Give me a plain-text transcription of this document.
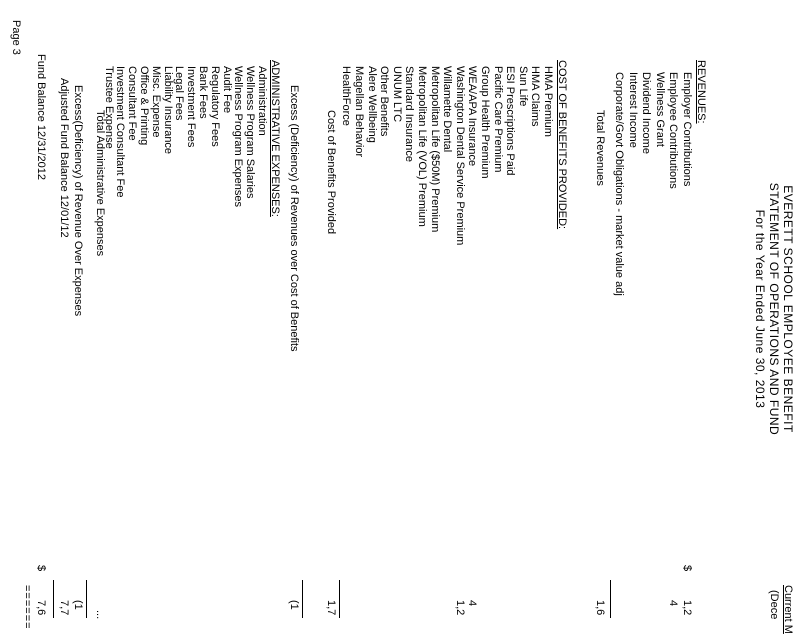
EVERETT SCHOOL EMPLOYEE BENEFIT
STATEMENT OF OPERATIONS AND FUND
For the Year Ended June 30, 2013
Current M
(Dece
REVENUES:
Employer Contributions
1,2
Employee Contributions
4
Wellness Grant
Dividend Income
Interest Income
Corporate/Govt Obligations - market value adj
$
Total Revenues
1,6
COST OF BENEFITS PROVIDED:
HMA Premium
HMA Claims
Sun Life
ESI Prescriptions Paid
Pacific Care Premium
Group Health Premium
WEA/APA Insurance
4
Washington Dental Service Premium
1,2
Willamette Dental
Metropolitan Life ($50M) Premium
Metropolitan Life (VOL) Premium
Standard Insurance
UNUM LTC
Other Benefits
Alere Wellbeing
Magellan Behavior
HealthForce
Cost of Benefits Provided
1,7
Excess (Deficiency) of Revenues over Cost of Benefits
(1
ADMINISTRATIVE EXPENSES:
Administration
Wellness Program Salaries
Wellness Program Expenses
Audit Fee
Regulatory Fees
Bank Fees
Investment Fees
Legal Fees
Liability Insurance
Misc. Expense
Office & Printing
Consultant Fee
Investment Consultant Fee
Trustee Expense
Total Administrative Expenses
...
Excess(Deficiency) of Revenue Over Expenses
(1
Adjusted Fund Balance 12/01/12
7,7
Fund Balance 12/31/2012
$
7,6
======
Page 3
